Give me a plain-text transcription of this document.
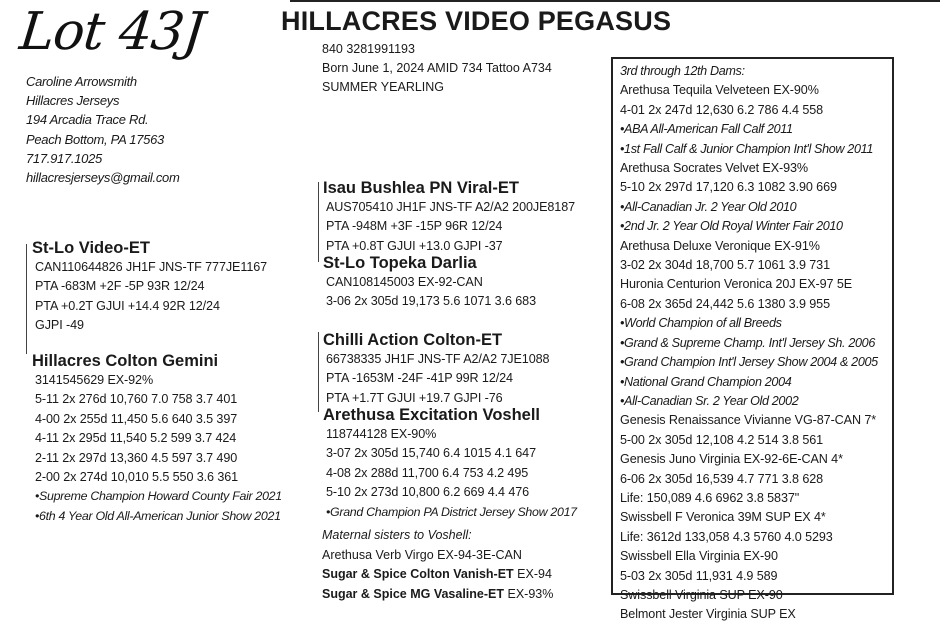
Lot 43J	HILLACRES VIDEO PEGASUS
840 3281991193
Born June 1, 2024 AMID 734 Tattoo A734
SUMMER YEARLING
Caroline Arrowsmith
Hillacres Jerseys
194 Arcadia Trace Rd.
Peach Bottom, PA 17563
717.917.1025
hillacresjerseys@gmail.com
St-Lo Video-ET
CAN110644826 JH1F JNS-TF 777JE1167
PTA -683M +2F -5P 93R 12/24
PTA +0.2T GJUI +14.4 92R 12/24
GJPI -49
Hillacres Colton Gemini
3141545629 EX-92%
5-11 2x 276d 10,760 7.0 758 3.7 401
4-00 2x 255d 11,450 5.6 640 3.5 397
4-11 2x 295d 11,540 5.2 599 3.7 424
2-11 2x 297d 13,360 4.5 597 3.7 490
2-00 2x 274d 10,010 5.5 550 3.6 361
•Supreme Champion Howard County Fair 2021
•6th 4 Year Old All-American Junior Show 2021
Isau Bushlea PN Viral-ET
AUS705410 JH1F JNS-TF A2/A2 200JE8187
PTA -948M +3F -15P 96R 12/24
PTA +0.8T GJUI +13.0 GJPI -37
St-Lo Topeka Darlia
CAN108145003 EX-92-CAN
3-06 2x 305d 19,173 5.6 1071 3.6 683
Chilli Action Colton-ET
66738335 JH1F JNS-TF A2/A2 7JE1088
PTA -1653M -24F -41P 99R 12/24
PTA +1.7T GJUI +19.7 GJPI -76
Arethusa Excitation Voshell
118744128 EX-90%
3-07 2x 305d 15,740 6.4 1015 4.1 647
4-08 2x 288d 11,700 6.4 753 4.2 495
5-10 2x 273d 10,800 6.2 669 4.4 476
•Grand Champion PA District Jersey Show 2017
Maternal sisters to Voshell:
Arethusa Verb Virgo EX-94-3E-CAN
Sugar & Spice Colton Vanish-ET EX-94
Sugar & Spice MG Vasaline-ET EX-93%
3rd through 12th Dams:
Arethusa Tequila Velveteen EX-90%
4-01 2x 247d 12,630 6.2 786 4.4 558
•ABA All-American Fall Calf 2011
•1st Fall Calf & Junior Champion Int'l Show 2011
Arethusa Socrates Velvet EX-93%
5-10 2x 297d 17,120 6.3 1082 3.90 669
•All-Canadian Jr. 2 Year Old 2010
•2nd Jr. 2 Year Old Royal Winter Fair 2010
Arethusa Deluxe Veronique EX-91%
3-02 2x 304d 18,700 5.7 1061 3.9 731
Huronia Centurion Veronica 20J EX-97 5E
6-08 2x 365d 24,442 5.6 1380 3.9 955
•World Champion of all Breeds
•Grand & Supreme Champ. Int'l Jersey Sh. 2006
•Grand Champion Int'l Jersey Show 2004 & 2005
•National Grand Champion 2004
•All-Canadian Sr. 2 Year Old 2002
Genesis Renaissance Vivianne VG-87-CAN 7*
5-00 2x 305d 12,108 4.2 514 3.8 561
Genesis Juno Virginia EX-92-6E-CAN 4*
6-06 2x 305d 16,539 4.7 771 3.8 628
Life: 150,089 4.6 6962 3.8 5837"
Swissbell F Veronica 39M SUP EX 4*
Life: 3612d 133,058 4.3 5760 4.0 5293
Swissbell Ella Virginia EX-90
5-03 2x 305d 11,931 4.9 589
Swissbell Virginia SUP EX-90
Belmont Jester Virginia SUP EX
